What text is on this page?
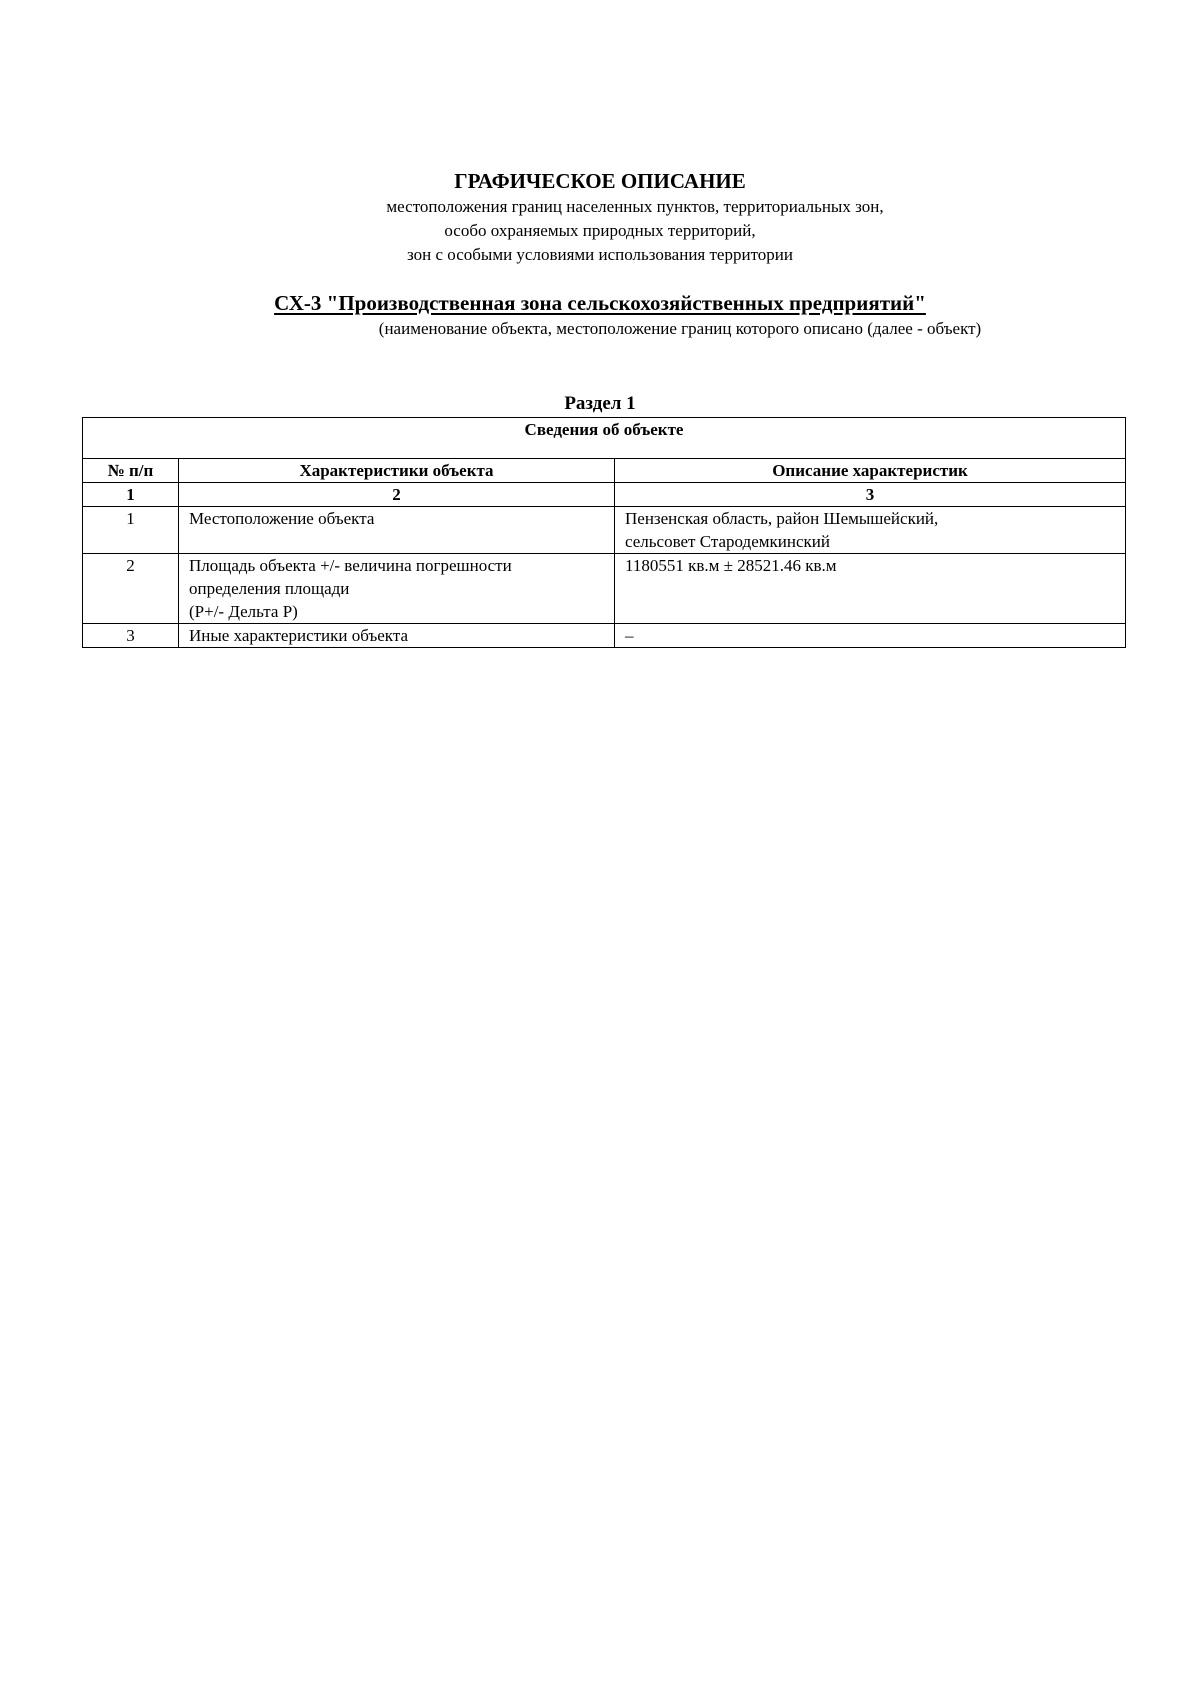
ГРАФИЧЕСКОЕ ОПИСАНИЕ
местоположения границ населенных пунктов, территориальных зон,
особо охраняемых природных территорий,
зон с особыми условиями использования территории
СХ-3 "Производственная зона сельскохозяйственных предприятий"
(наименование объекта, местоположение границ которого описано (далее - объект)
Раздел 1
Сведения об объекте		
№ п/п	Характеристики объекта	Описание характеристик
1	2	3
1	Местоположение объекта	Пензенская область, район Шемышейский,
сельсовет Стародемкинский

2	Площадь объекта +/- величина погрешности
определения площади
(P+/- Дельта P)	1180551 кв.м ± 28521.46 кв.м

3	Иные характеристики объекта	–
